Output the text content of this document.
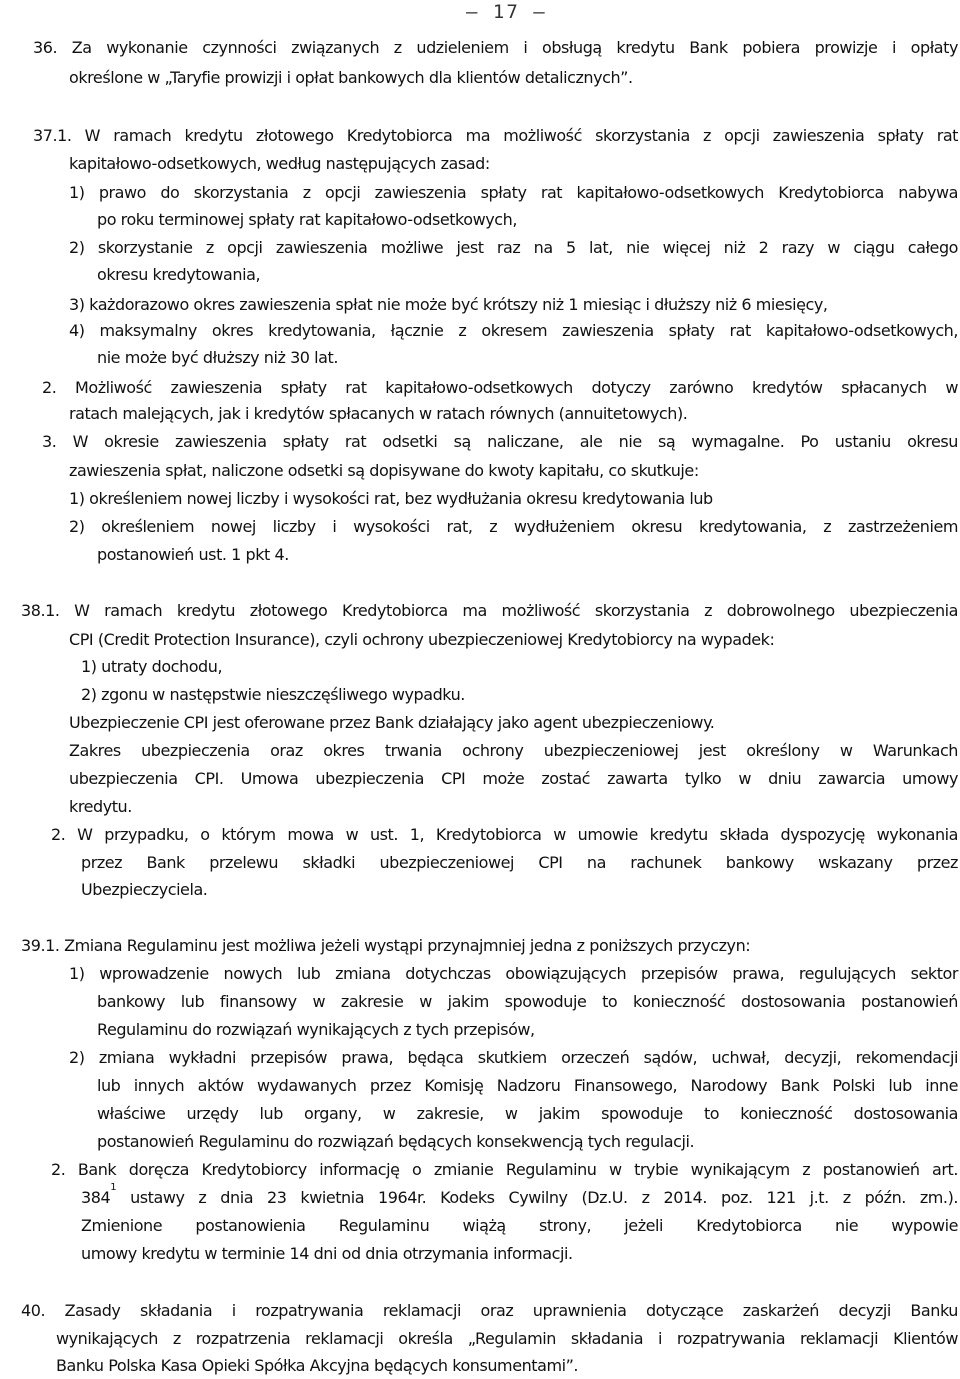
– 17 –
36. Za wykonanie czynności związanych z udzieleniem i obsługą kredytu Bank pobiera prowizje i opłaty
określone w „Taryfie prowizji i opłat bankowych dla klientów detalicznych”.
37.1. W ramach kredytu złotowego Kredytobiorca ma możliwość skorzystania z opcji zawieszenia spłaty rat
kapitałowo-odsetkowych, według następujących zasad:
1) prawo do skorzystania z opcji zawieszenia spłaty rat kapitałowo-odsetkowych Kredytobiorca nabywa
po roku terminowej spłaty rat kapitałowo-odsetkowych,
2) skorzystanie z opcji zawieszenia możliwe jest raz na 5 lat, nie więcej niż 2 razy w ciągu całego
okresu kredytowania,
3) każdorazowo okres zawieszenia spłat nie może być krótszy niż 1 miesiąc i dłuższy niż 6 miesięcy,
4) maksymalny okres kredytowania, łącznie z okresem zawieszenia spłaty rat kapitałowo-odsetkowych,
nie może być dłuższy niż 30 lat.
2. Możliwość zawieszenia spłaty rat kapitałowo-odsetkowych dotyczy zarówno kredytów spłacanych w
ratach malejących, jak i kredytów spłacanych w ratach równych (annuitetowych).
3. W okresie zawieszenia spłaty rat odsetki są naliczane, ale nie są wymagalne. Po ustaniu okresu
zawieszenia spłat, naliczone odsetki są dopisywane do kwoty kapitału, co skutkuje:
1) określeniem nowej liczby i wysokości rat, bez wydłużania okresu kredytowania lub
2) określeniem nowej liczby i wysokości rat, z wydłużeniem okresu kredytowania, z zastrzeżeniem
postanowień ust. 1 pkt 4.
38.1. W ramach kredytu złotowego Kredytobiorca ma możliwość skorzystania z dobrowolnego ubezpieczenia
CPI (Credit Protection Insurance), czyli ochrony ubezpieczeniowej Kredytobiorcy na wypadek:
1) utraty dochodu,
2) zgonu w następstwie nieszczęśliwego wypadku.
Ubezpieczenie CPI jest oferowane przez Bank działający jako agent ubezpieczeniowy.
Zakres ubezpieczenia oraz okres trwania ochrony ubezpieczeniowej jest określony w Warunkach
ubezpieczenia CPI. Umowa ubezpieczenia CPI może zostać zawarta tylko w dniu zawarcia umowy
kredytu.
2. W przypadku, o którym mowa w ust. 1, Kredytobiorca w umowie kredytu składa dyspozycję wykonania
przez Bank przelewu składki ubezpieczeniowej CPI na rachunek bankowy wskazany przez
Ubezpieczyciela.
39.1. Zmiana Regulaminu jest możliwa jeżeli wystąpi przynajmniej jedna z poniższych przyczyn:
1) wprowadzenie nowych lub zmiana dotychczas obowiązujących przepisów prawa, regulujących sektor
bankowy lub finansowy w zakresie w jakim spowoduje to konieczność dostosowania postanowień
Regulaminu do rozwiązań wynikających z tych przepisów,
2) zmiana wykładni przepisów prawa, będąca skutkiem orzeczeń sądów, uchwał, decyzji, rekomendacji
lub innych aktów wydawanych przez Komisję Nadzoru Finansowego, Narodowy Bank Polski lub inne
właściwe urzędy lub organy, w zakresie, w jakim spowoduje to konieczność dostosowania
postanowień Regulaminu do rozwiązań będących konsekwencją tych regulacji.
2. Bank doręcza Kredytobiorcy informację o zmianie Regulaminu w trybie wynikającym z postanowień art.
384
1
ustawy z dnia 23 kwietnia 1964r. Kodeks Cywilny (Dz.U. z 2014. poz. 121 j.t. z późn. zm.).
Zmienione postanowienia Regulaminu wiążą strony, jeżeli Kredytobiorca nie wypowie
umowy kredytu w terminie 14 dni od dnia otrzymania informacji.
40. Zasady składania i rozpatrywania reklamacji oraz uprawnienia dotyczące zaskarżeń decyzji Banku
wynikających z rozpatrzenia reklamacji określa „Regulamin składania i rozpatrywania reklamacji Klientów
Banku Polska Kasa Opieki Spółka Akcyjna będących konsumentami”.
